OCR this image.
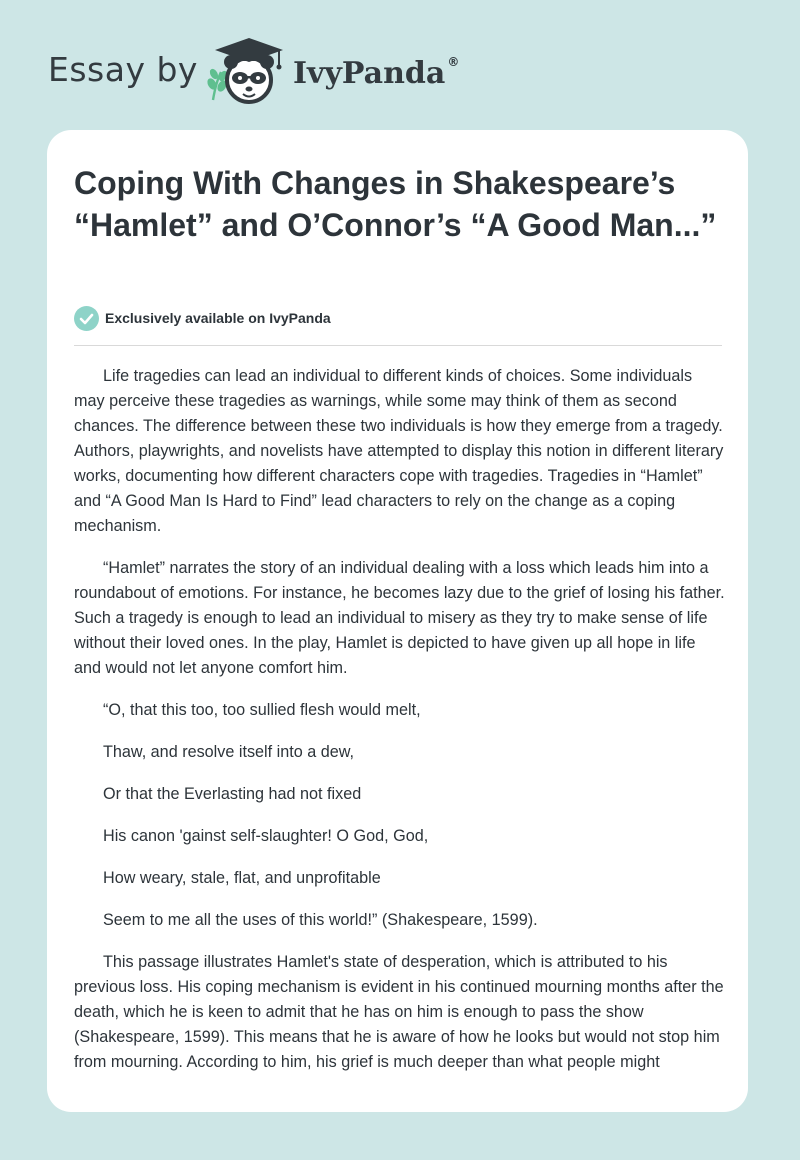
Essay by	IvyPanda ®
Coping With Changes in Shakespeare’s “Hamlet” and O’Connor’s “A Good Man...”
Exclusively available on IvyPanda

Life tragedies can lead an individual to different kinds of choices. Some individuals may perceive these tragedies as warnings, while some may think of them as second chances. The difference between these two individuals is how they emerge from a tragedy. Authors, playwrights, and novelists have attempted to display this notion in different literary works, documenting how different characters cope with tragedies. Tragedies in “Hamlet” and “A Good Man Is Hard to Find” lead characters to rely on the change as a coping mechanism.

“Hamlet” narrates the story of an individual dealing with a loss which leads him into a roundabout of emotions. For instance, he becomes lazy due to the grief of losing his father. Such a tragedy is enough to lead an individual to misery as they try to make sense of life without their loved ones. In the play, Hamlet is depicted to have given up all hope in life and would not let anyone comfort him.

“O, that this too, too sullied flesh would melt,

Thaw, and resolve itself into a dew,

Or that the Everlasting had not fixed

His canon 'gainst self-slaughter! O God, God,

How weary, stale, flat, and unprofitable

Seem to me all the uses of this world!” (Shakespeare, 1599).

This passage illustrates Hamlet's state of desperation, which is attributed to his previous loss. His coping mechanism is evident in his continued mourning months after the death, which he is keen to admit that he has on him is enough to pass the show (Shakespeare, 1599). This means that he is aware of how he looks but would not stop him from mourning. According to him, his grief is much deeper than what people might
